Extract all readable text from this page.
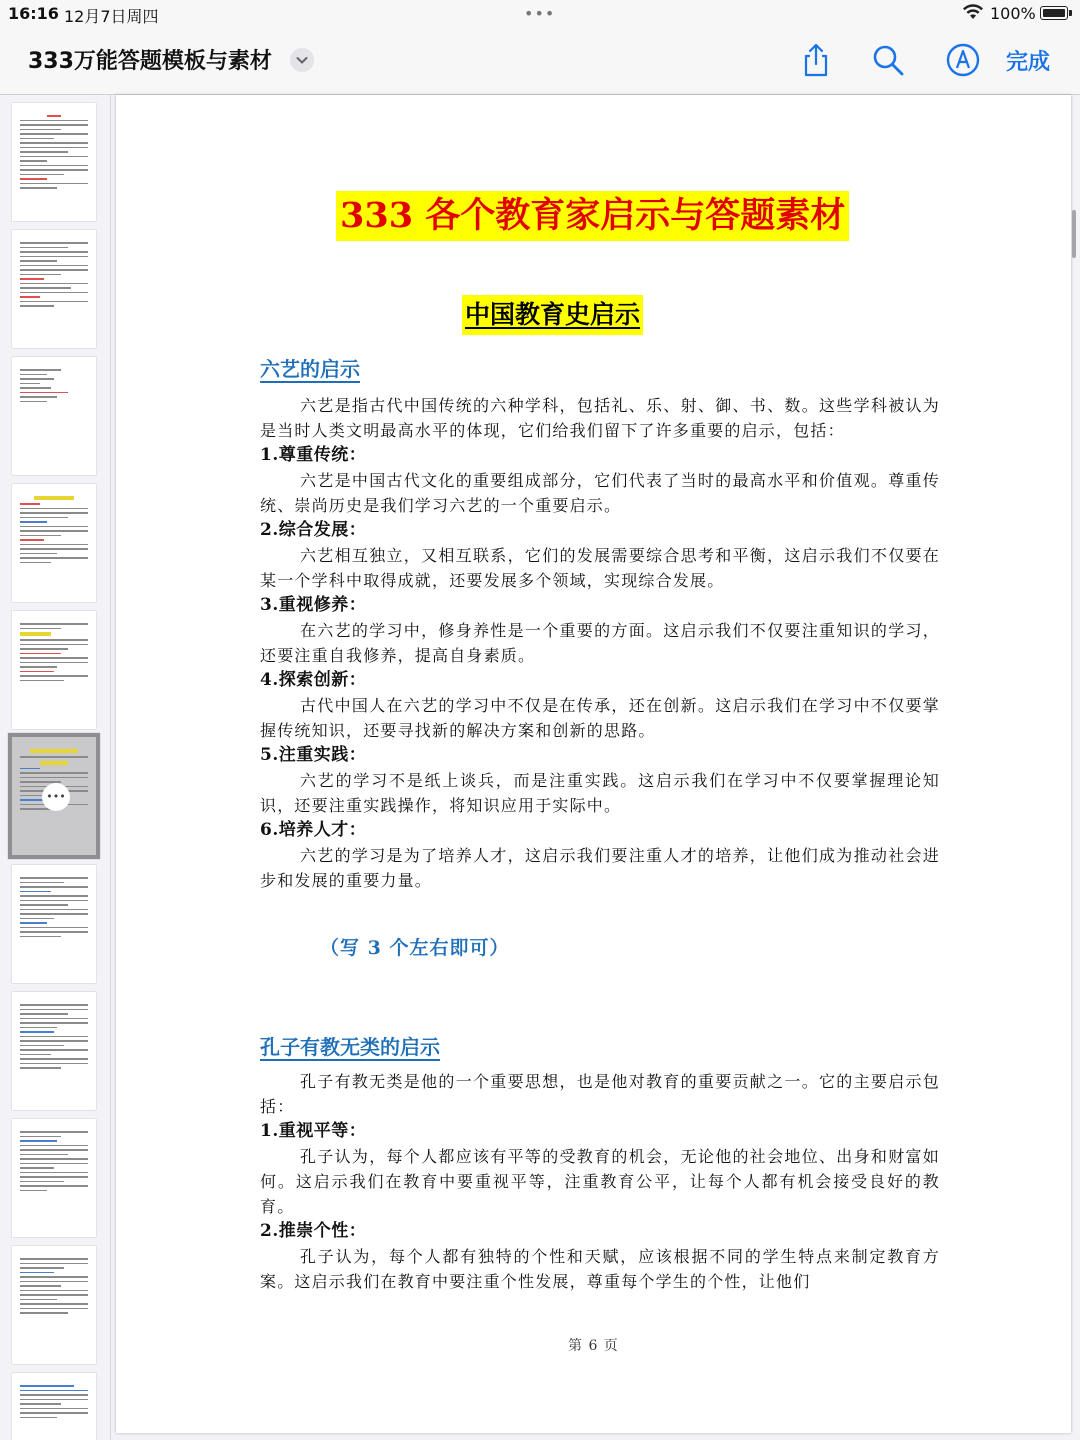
16:16 12月7日周四	•••	100%
333万能答题模板与素材	完成
•••
333 各个教育家启示与答题素材
中国教育史启示
六艺的启示

六艺是指古代中国传统的六种学科，包括礼、乐、射、御、书、数。这些学科被认为是当时人类文明最高水平的体现，它们给我们留下了许多重要的启示，包括：

1.尊重传统：

六艺是中国古代文化的重要组成部分，它们代表了当时的最高水平和价值观。尊重传统、崇尚历史是我们学习六艺的一个重要启示。

2.综合发展：

六艺相互独立，又相互联系，它们的发展需要综合思考和平衡，这启示我们不仅要在某一个学科中取得成就，还要发展多个领域，实现综合发展。

3.重视修养：

在六艺的学习中，修身养性是一个重要的方面。这启示我们不仅要注重知识的学习，还要注重自我修养，提高自身素质。

4.探索创新：

古代中国人在六艺的学习中不仅是在传承，还在创新。这启示我们在学习中不仅要掌握传统知识，还要寻找新的解决方案和创新的思路。

5.注重实践：

六艺的学习不是纸上谈兵，而是注重实践。这启示我们在学习中不仅要掌握理论知识，还要注重实践操作，将知识应用于实际中。

6.培养人才：

六艺的学习是为了培养人才，这启示我们要注重人才的培养，让他们成为推动社会进步和发展的重要力量。

（写 3 个左右即可）
孔子有教无类的启示

孔子有教无类是他的一个重要思想，也是他对教育的重要贡献之一。它的主要启示包括：

1.重视平等：

孔子认为，每个人都应该有平等的受教育的机会，无论他的社会地位、出身和财富如何。这启示我们在教育中要重视平等，注重教育公平，让每个人都有机会接受良好的教育。

2.推崇个性：

孔子认为，每个人都有独特的个性和天赋，应该根据不同的学生特点来制定教育方案。这启示我们在教育中要注重个性发展，尊重每个学生的个性，让他们

第 6 页
